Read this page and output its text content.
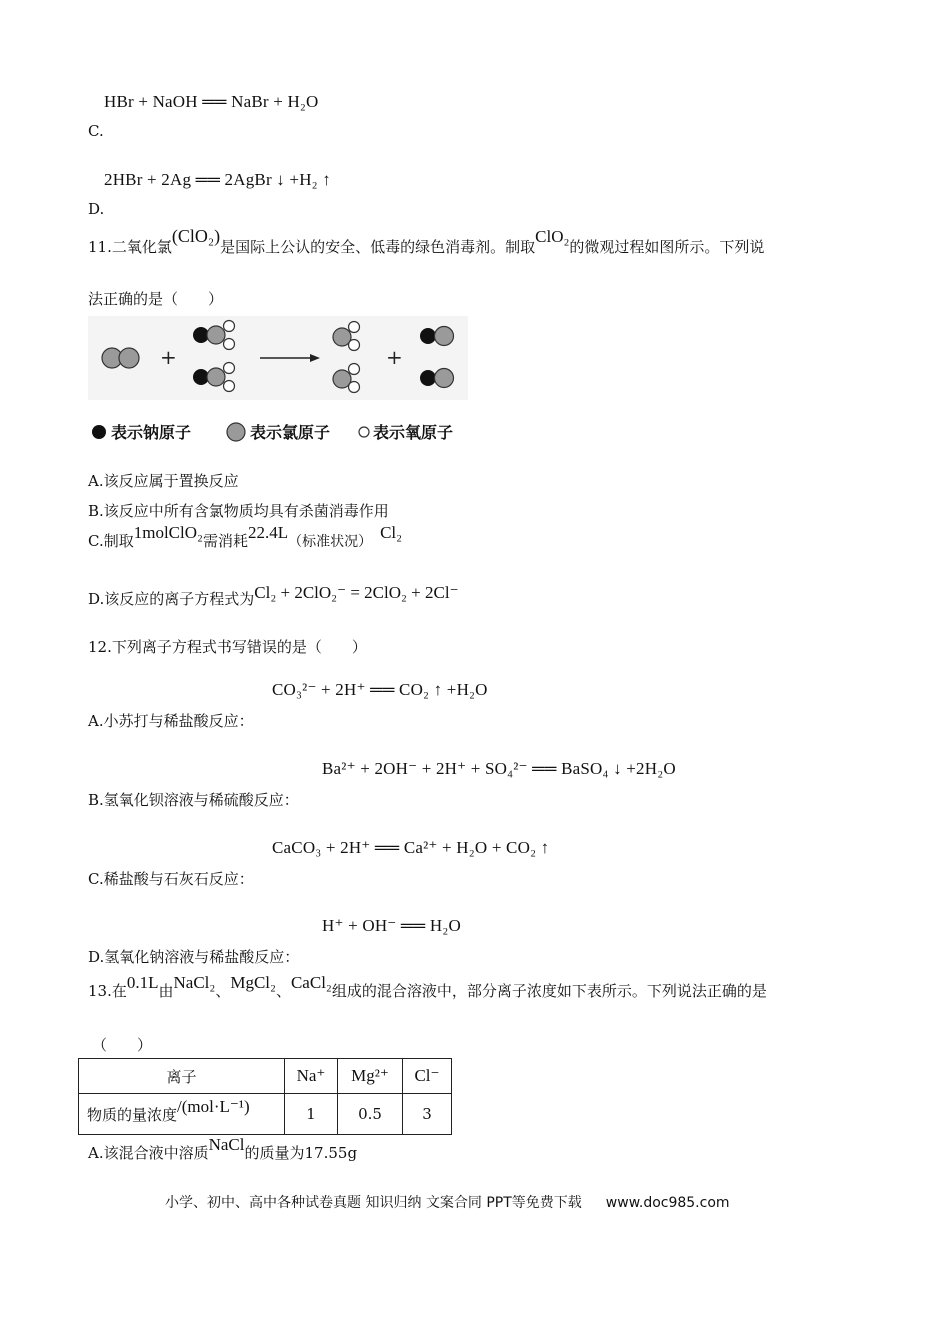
HBr + NaOH ══ NaBr + H₂O
C.
2HBr + 2Ag ══ 2AgBr ↓ +H₂ ↑
D.
11.二氧化氯(ClO₂)是国际上公认的安全、低毒的绿色消毒剂。制取ClO₂的微观过程如图所示。下列说
法正确的是（　　）
+	+
表示钠原子	表示氯原子	表示氧原子
A.该反应属于置换反应
B.该反应中所有含氯物质均具有杀菌消毒作用
C.制取1molClO₂需消耗22.4L（标准状况） Cl₂
D.该反应的离子方程式为Cl₂ + 2ClO₂⁻ = 2ClO₂ + 2Cl⁻
12.下列离子方程式书写错误的是（　　）
CO₃²⁻ + 2H⁺ ══ CO₂ ↑ +H₂O
A.小苏打与稀盐酸反应：
Ba²⁺ + 2OH⁻ + 2H⁺ + SO₄²⁻ ══ BaSO₄ ↓ +2H₂O
B.氢氧化钡溶液与稀硫酸反应：
CaCO₃ + 2H⁺ ══ Ca²⁺ + H₂O + CO₂ ↑
C.稀盐酸与石灰石反应：
H⁺ + OH⁻ ══ H₂O
D.氢氧化钠溶液与稀盐酸反应：
13.在0.1L由NaCl₂、MgCl₂、CaCl₂组成的混合溶液中，部分离子浓度如下表所示。下列说法正确的是
（　　）
离子	Na⁺	Mg²⁺	Cl⁻
物质的量浓度/(mol·L⁻¹)	1	0.5	3
A.该混合液中溶质NaCl的质量为17.55g
小学、初中、高中各种试卷真题 知识归纳 文案合同 PPT等免费下载 www.doc985.com
